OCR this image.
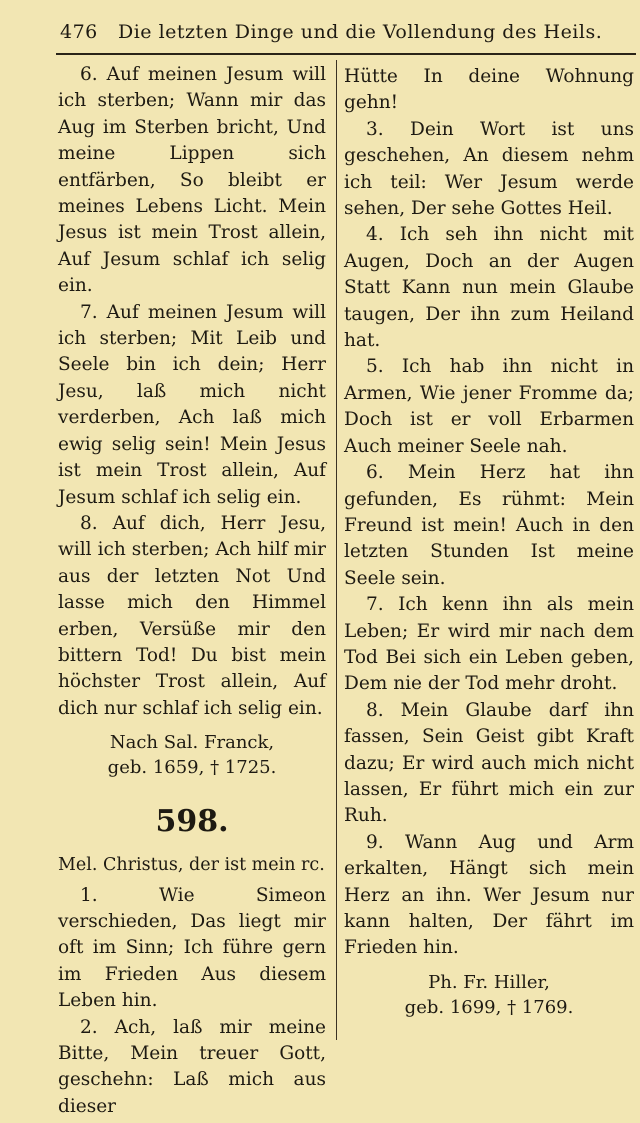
476 Die letzten Dinge und die Vollendung des Heils.

6. Auf meinen Jesum will ich sterben; Wann mir das Aug im Sterben bricht, Und meine Lippen sich entfärben, So bleibt er meines Lebens Licht. Mein Jesus ist mein Trost allein, Auf Jesum schlaf ich selig ein.

7. Auf meinen Jesum will ich sterben; Mit Leib und Seele bin ich dein; Herr Jesu, laß mich nicht verderben, Ach laß mich ewig selig sein! Mein Jesus ist mein Trost allein, Auf Jesum schlaf ich selig ein.

8. Auf dich, Herr Jesu, will ich sterben; Ach hilf mir aus der letzten Not Und lasse mich den Himmel erben, Versüße mir den bittern Tod! Du bist mein höchster Trost allein, Auf dich nur schlaf ich selig ein.

Nach Sal. Franck,
geb. 1659, † 1725.

598.

Mel. Christus, der ist mein rc.

1. Wie Simeon verschieden, Das liegt mir oft im Sinn; Ich führe gern im Frieden Aus diesem Leben hin.

2. Ach, laß mir meine Bitte, Mein treuer Gott, geschehn: Laß mich aus dieser

Hütte In deine Wohnung gehn!

3. Dein Wort ist uns geschehen, An diesem nehm ich teil: Wer Jesum werde sehen, Der sehe Gottes Heil.

4. Ich seh ihn nicht mit Augen, Doch an der Augen Statt Kann nun mein Glaube taugen, Der ihn zum Heiland hat.

5. Ich hab ihn nicht in Armen, Wie jener Fromme da; Doch ist er voll Erbarmen Auch meiner Seele nah.

6. Mein Herz hat ihn gefunden, Es rühmt: Mein Freund ist mein! Auch in den letzten Stunden Ist meine Seele sein.

7. Ich kenn ihn als mein Leben; Er wird mir nach dem Tod Bei sich ein Leben geben, Dem nie der Tod mehr droht.

8. Mein Glaube darf ihn fassen, Sein Geist gibt Kraft dazu; Er wird auch mich nicht lassen, Er führt mich ein zur Ruh.

9. Wann Aug und Arm erkalten, Hängt sich mein Herz an ihn. Wer Jesum nur kann halten, Der fährt im Frieden hin.

Ph. Fr. Hiller,
geb. 1699, † 1769.
